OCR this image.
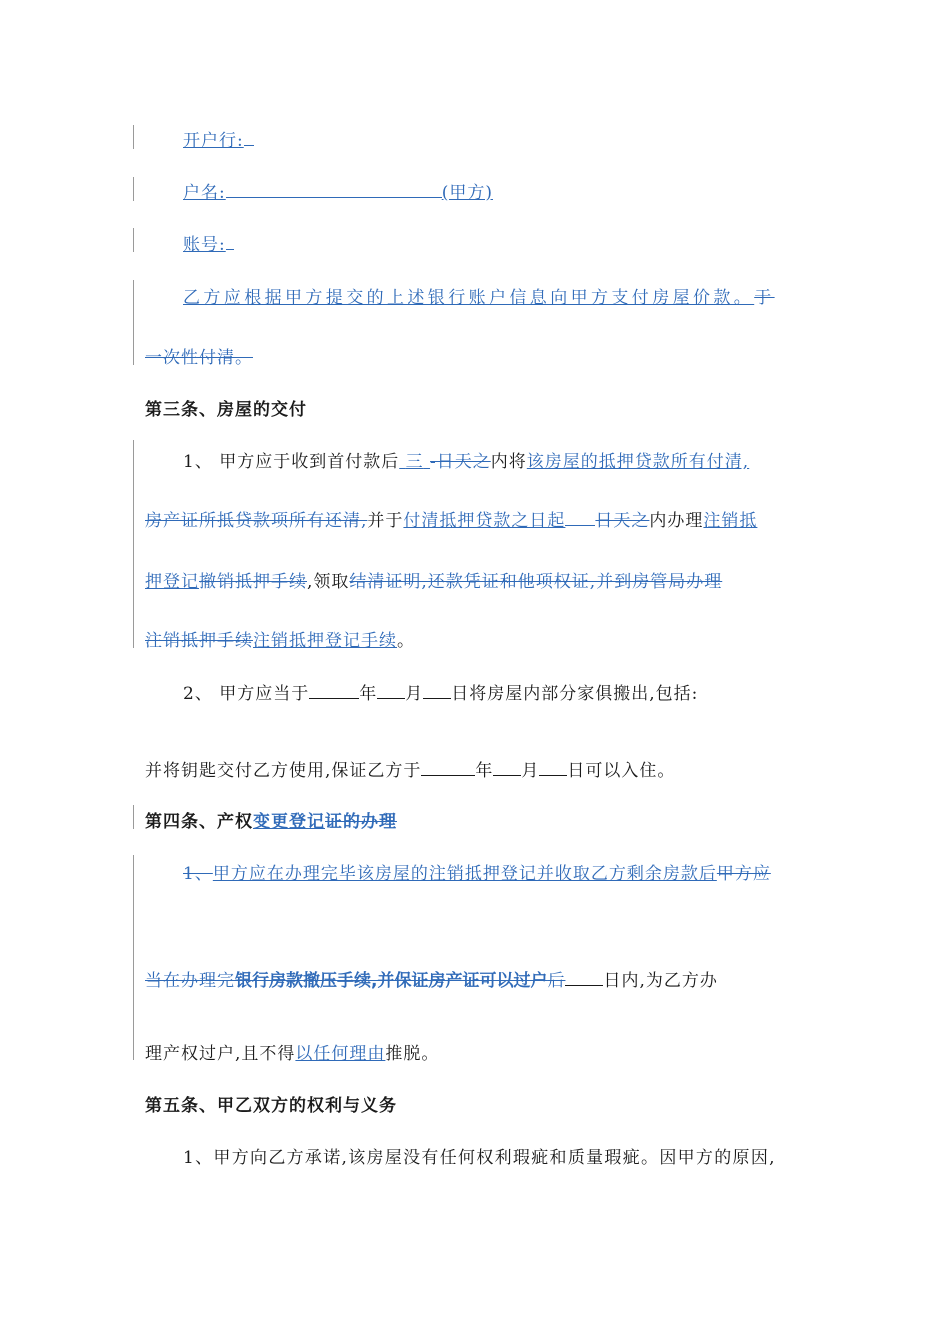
开户行:
户名:	(甲方)
账号:
乙方应根据甲方提交的上述银行账户信息向甲方支付房屋价款。于
一次性付清。
第三条、房屋的交付
1、 甲方应于收到首付款后 三 -日天之内将该房屋的抵押贷款所有付清,
房产证所抵贷款项所有还清,并于付清抵押贷款之日起 日天之内办理注销抵
押登记撤销抵押手续,领取结清证明,还款凭证和他项权证,并到房管局办理
注销抵押手续注销抵押登记手续。
2、 甲方应当于	年 月 日将房屋内部分家俱搬出,包括:
并将钥匙交付乙方使用,保证乙方于	年 月 日可以入住。
第四条、产权变更登记证的办理
1、甲方应在办理完毕该房屋的注销抵押登记并收取乙方剩余房款后甲方应
当在办理完银行房款撤压手续,并保证房产证可以过户后 日内,为乙方办
理产权过户,且不得以任何理由推脱。
第五条、甲乙双方的权利与义务
1、甲方向乙方承诺,该房屋没有任何权利瑕疵和质量瑕疵。因甲方的原因,
